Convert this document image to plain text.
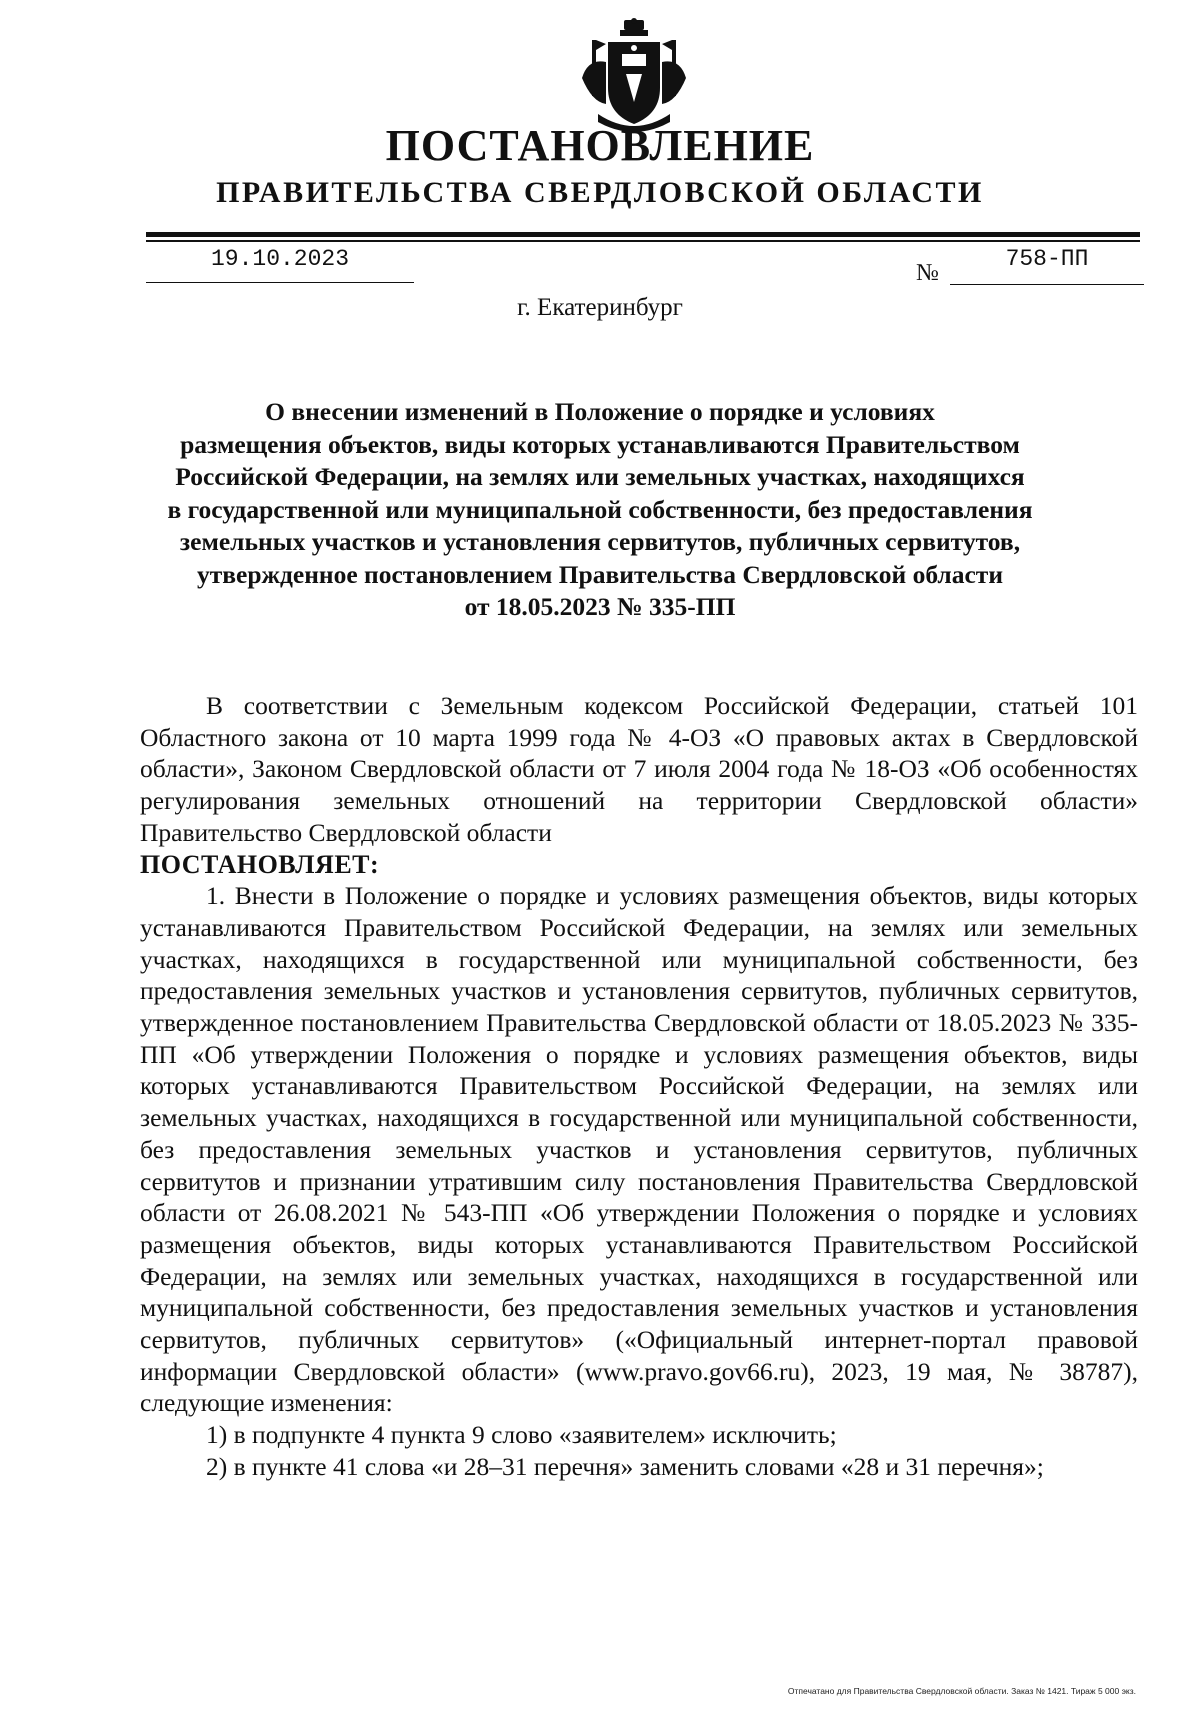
ПОСТАНОВЛЕНИЕ
ПРАВИТЕЛЬСТВА СВЕРДЛОВСКОЙ ОБЛАСТИ
19.10.2023
№
758-ПП
г. Екатеринбург
О внесении изменений в Положение о порядке и условиях
размещения объектов, виды которых устанавливаются Правительством
Российской Федерации, на землях или земельных участках, находящихся
в государственной или муниципальной собственности, без предоставления
земельных участков и установления сервитутов, публичных сервитутов,
утвержденное постановлением Правительства Свердловской области
от 18.05.2023 № 335-ПП

В соответствии с Земельным кодексом Российской Федерации, статьей 101 Областного закона от 10 марта 1999 года № 4-ОЗ «О правовых актах в Свердловской области», Законом Свердловской области от 7 июля 2004 года № 18-ОЗ «Об особенностях регулирования земельных отношений на территории Свердловской области» Правительство Свердловской области

ПОСТАНОВЛЯЕТ:

1. Внести в Положение о порядке и условиях размещения объектов, виды которых устанавливаются Правительством Российской Федерации, на землях или земельных участках, находящихся в государственной или муниципальной собственности, без предоставления земельных участков и установления сервитутов, публичных сервитутов, утвержденное постановлением Правительства Свердловской области от 18.05.2023 № 335-ПП «Об утверждении Положения о порядке и условиях размещения объектов, виды которых устанавливаются Правительством Российской Федерации, на землях или земельных участках, находящихся в государственной или муниципальной собственности, без предоставления земельных участков и установления сервитутов, публичных сервитутов и признании утратившим силу постановления Правительства Свердловской области от 26.08.2021 № 543-ПП «Об утверждении Положения о порядке и условиях размещения объектов, виды которых устанавливаются Правительством Российской Федерации, на землях или земельных участках, находящихся в государственной или муниципальной собственности, без предоставления земельных участков и установления сервитутов, публичных сервитутов» («Официальный интернет-портал правовой информации Свердловской области» (www.pravo.gov66.ru), 2023, 19 мая, № 38787), следующие изменения:

1) в подпункте 4 пункта 9 слово «заявителем» исключить;

2) в пункте 41 слова «и 28–31 перечня» заменить словами «28 и 31 перечня»;

Отпечатано для Правительства Свердловской области. Заказ № 1421. Тираж 5 000 экз.
